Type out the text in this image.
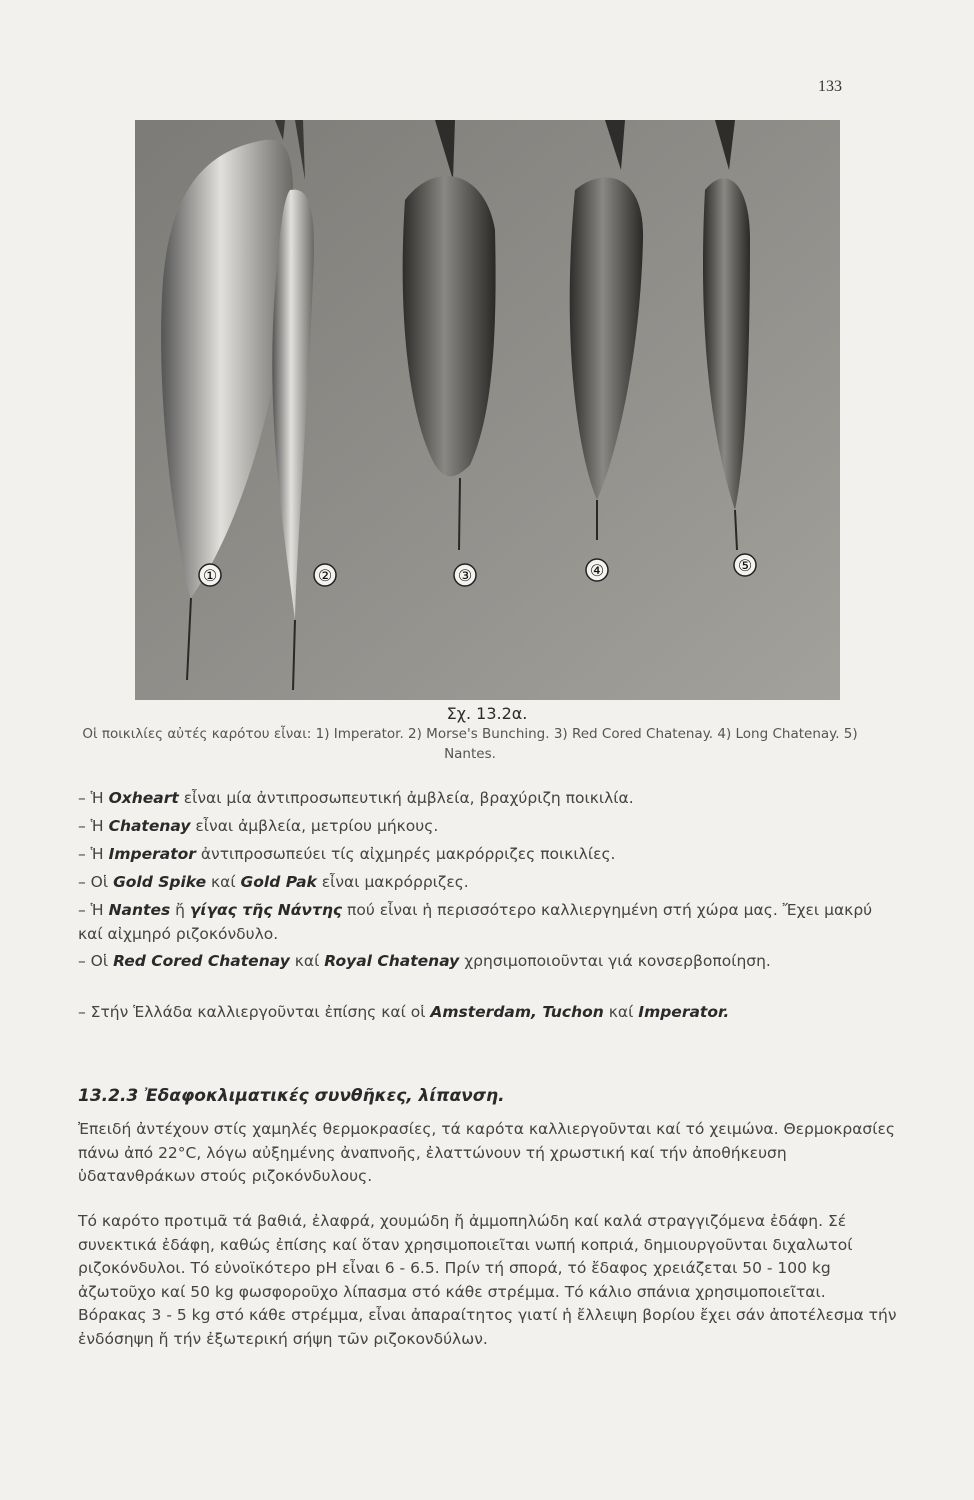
133
①	②	③	④	⑤
Σχ. 13.2α.
Οἱ ποικιλίες αὐτές καρότου εἶναι: 1) Imperator. 2) Morse's Bunching. 3) Red Cored Chatenay. 4) Long Chatenay. 5) Nantes.
– Ἡ Oxheart εἶναι μία ἀντιπροσωπευτική ἀμβλεία, βραχύριζη ποικιλία.
– Ἡ Chatenay εἶναι ἀμβλεία, μετρίου μήκους.
– Ἡ Imperator ἀντιπροσωπεύει τίς αἰχμηρές μακρόρριζες ποικιλίες.
– Οἱ Gold Spike καί Gold Pak εἶναι μακρόρριζες.
– Ἡ Nantes ἤ γίγας τῆς Νάντης πού εἶναι ἡ περισσότερο καλλιεργημένη στή χώρα μας. Ἔχει μακρύ καί αἰχμηρό ριζοκόνδυλο.
– Οἱ Red Cored Chatenay καί Royal Chatenay χρησιμοποιοῦνται γιά κονσερβοποίηση.
– Στήν Ἑλλάδα καλλιεργοῦνται ἐπίσης καί οἱ Amsterdam, Tuchon καί Imperator.
13.2.3 Ἐδαφοκλιματικές συνθῆκες, λίπανση.
Ἐπειδή ἀντέχουν στίς χαμηλές θερμοκρασίες, τά καρότα καλλιεργοῦνται καί τό χειμώνα. Θερμοκρασίες πάνω ἀπό 22°C, λόγω αὐξημένης ἀναπνοῆς, ἐλαττώνουν τή χρωστική καί τήν ἀποθήκευση ὑδατανθράκων στούς ριζοκόνδυλους.
Τό καρότο προτιμᾶ τά βαθιά, ἐλαφρά, χουμώδη ἤ ἀμμοπηλώδη καί καλά στραγγιζόμενα ἐδάφη. Σέ συνεκτικά ἐδάφη, καθώς ἐπίσης καί ὅταν χρησιμοποιεῖται νωπή κοπριά, δημιουργοῦνται διχαλωτοί ριζοκόνδυλοι. Τό εὐνοϊκότερο pH εἶναι 6 - 6.5. Πρίν τή σπορά, τό ἔδαφος χρειάζεται 50 - 100 kg ἀζωτοῦχο καί 50 kg φωσφοροῦχο λίπασμα στό κάθε στρέμμα. Τό κάλιο σπάνια χρησιμοποιεῖται. Βόρακας 3 - 5 kg στό κάθε στρέμμα, εἶναι ἀπαραίτητος γιατί ἡ ἔλλειψη βορίου ἔχει σάν ἀποτέλεσμα τήν ἐνδόσηψη ἤ τήν ἐξωτερική σήψη τῶν ριζοκονδύλων.
